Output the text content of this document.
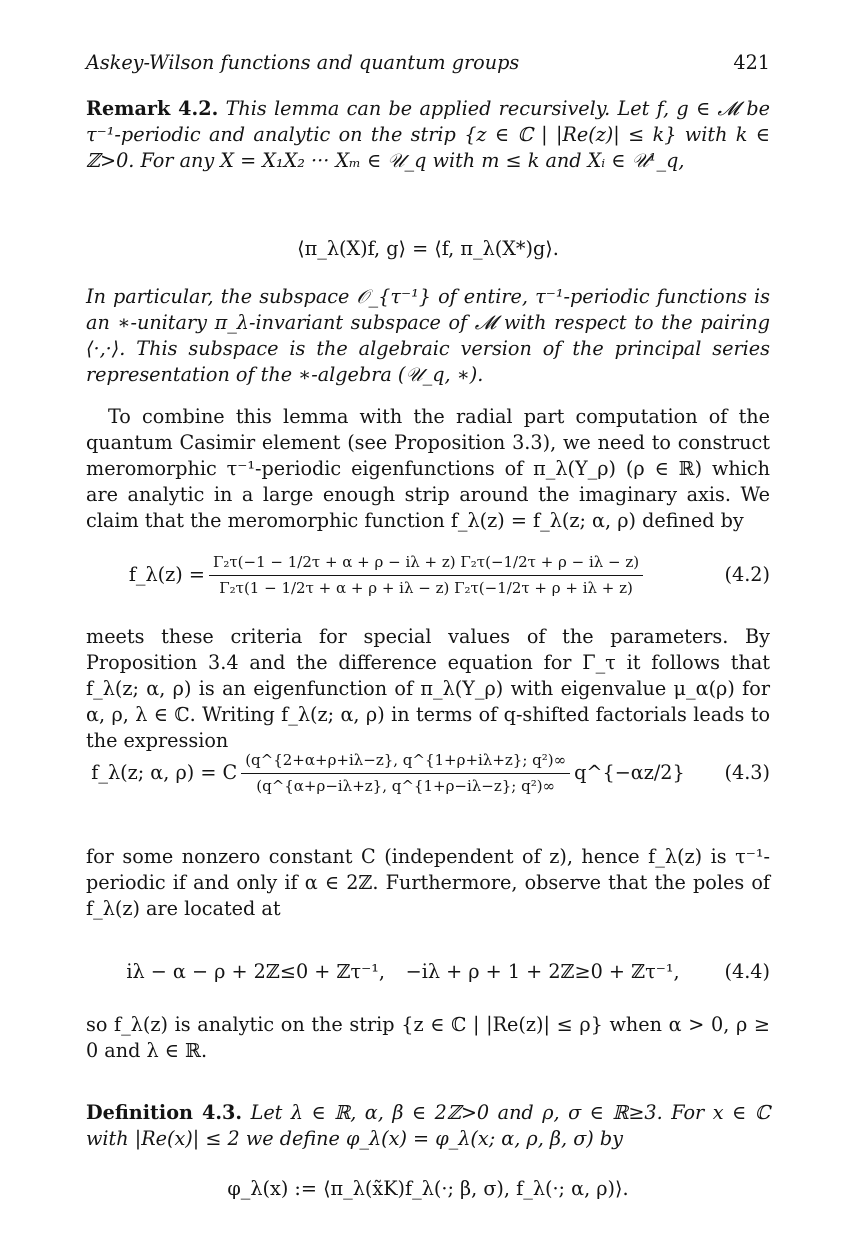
Askey-Wilson functions and quantum groups	421

Remark 4.2. This lemma can be applied recursively. Let f, g ∈ 𝓜 be τ⁻¹-periodic and analytic on the strip {z ∈ ℂ | |Re(z)| ≤ k} with k ∈ ℤ>0. For any X = X₁X₂ ··· Xₘ ∈ 𝒰_q with m ≤ k and Xᵢ ∈ 𝒰¹_q,

⟨π_λ(X)f, g⟩ = ⟨f, π_λ(X*)g⟩.

In particular, the subspace 𝒪_{τ⁻¹} of entire, τ⁻¹-periodic functions is an ∗-unitary π_λ-invariant subspace of 𝓜 with respect to the pairing ⟨·,·⟩. This subspace is the algebraic version of the principal series representation of the ∗-algebra (𝒰_q, ∗).

To combine this lemma with the radial part computation of the quantum Casimir element (see Proposition 3.3), we need to construct meromorphic τ⁻¹-periodic eigenfunctions of π_λ(Y_ρ) (ρ ∈ ℝ) which are analytic in a large enough strip around the imaginary axis. We claim that the meromorphic function f_λ(z) = f_λ(z; α, ρ) defined by

f_λ(z) = $\frac{\text{Γ₂τ(−1 − 1/2τ + α + ρ − iλ + z) Γ₂τ(−1/2τ + ρ − iλ − z)}}{\text{Γ₂τ(1 − 1/2τ + α + ρ + iλ − z) Γ₂τ(−1/2τ + ρ + iλ + z)}}$	(4.2)

meets these criteria for special values of the parameters. By Proposition 3.4 and the difference equation for Γ_τ it follows that f_λ(z; α, ρ) is an eigenfunction of π_λ(Y_ρ) with eigenvalue μ_α(ρ) for α, ρ, λ ∈ ℂ. Writing f_λ(z; α, ρ) in terms of q-shifted factorials leads to the expression

f_λ(z; α, ρ) = C $\frac{\text{(q\textasciicircum{}\{2+α+ρ+iλ−z\}, q\textasciicircum{}\{1+ρ+iλ+z\}; q²)∞}}{\text{(q\textasciicircum{}\{α+ρ−iλ+z\}, q\textasciicircum{}\{1+ρ−iλ−z\}; q²)∞}}$ q^{−αz/2}	(4.3)

for some nonzero constant C (independent of z), hence f_λ(z) is τ⁻¹-periodic if and only if α ∈ 2ℤ. Furthermore, observe that the poles of f_λ(z) are located at

iλ − α − ρ + 2ℤ≤0 + ℤτ⁻¹, −iλ + ρ + 1 + 2ℤ≥0 + ℤτ⁻¹,	(4.4)

so f_λ(z) is analytic on the strip {z ∈ ℂ | |Re(z)| ≤ ρ} when α > 0, ρ ≥ 0 and λ ∈ ℝ.

Definition 4.3. Let λ ∈ ℝ, α, β ∈ 2ℤ>0 and ρ, σ ∈ ℝ≥3. For x ∈ ℂ with |Re(x)| ≤ 2 we define φ_λ(x) = φ_λ(x; α, ρ, β, σ) by

φ_λ(x) := ⟨π_λ(x̃K)f_λ(·; β, σ), f_λ(·; α, ρ)⟩.
